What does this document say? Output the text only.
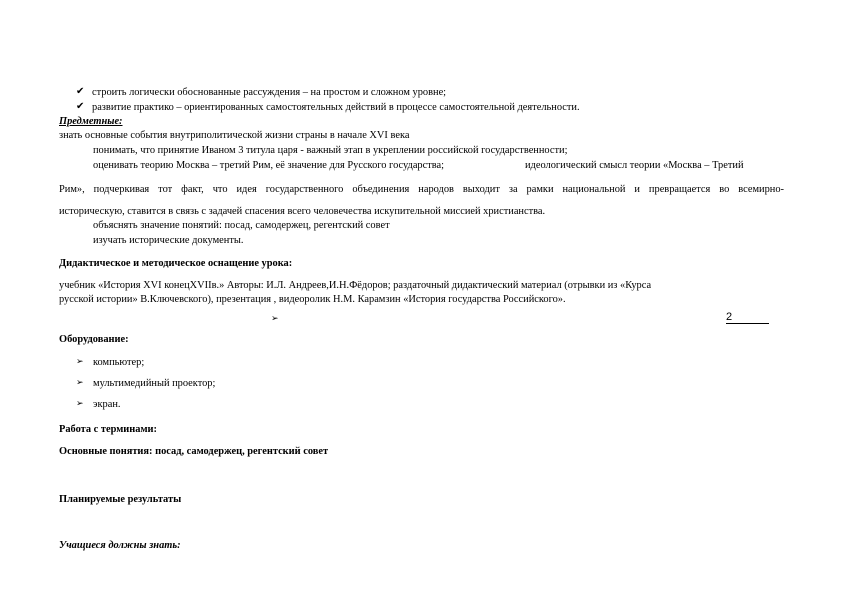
✔ строить логически обоснованные рассуждения – на простом и сложном уровне;
✔ развитие практико – ориентированных самостоятельных действий в процессе самостоятельной деятельности.
Предметные:
знать основные события внутриполитической жизни страны в начале XVI века
понимать, что принятие Иваном 3 титула царя - важный этап в укреплении российской государственности;
оценивать теорию Москва – третий Рим, её значение для Русского государства;	идеологический смысл теории «Москва – Третий
Рим», подчеркивая тот факт, что идея государственного объединения народов выходит за рамки национальной и превращается во всемирно-
историческую, ставится в связь с задачей спасения всего человечества искупительной миссией христианства.
объяснять значение понятий: посад, самодержец, регентский совет
изучать исторические документы.
Дидактическое и методическое оснащение урока:
учебник «История XVI конецXVIIв.» Авторы: И.Л. Андреев,И.Н.Фёдоров; раздаточный дидактический материал (отрывки из «Курса
русской истории» В.Ключевского), презентация , видеоролик Н.М. Карамзин «История государства Российского».
➢	2
Оборудование:
➢ компьютер;
➢ мультимедийный проектор;
➢ экран.
Работа с терминами:
Основные понятия: посад, самодержец, регентский совет
Планируемые результаты
Учащиеся должны знать:
